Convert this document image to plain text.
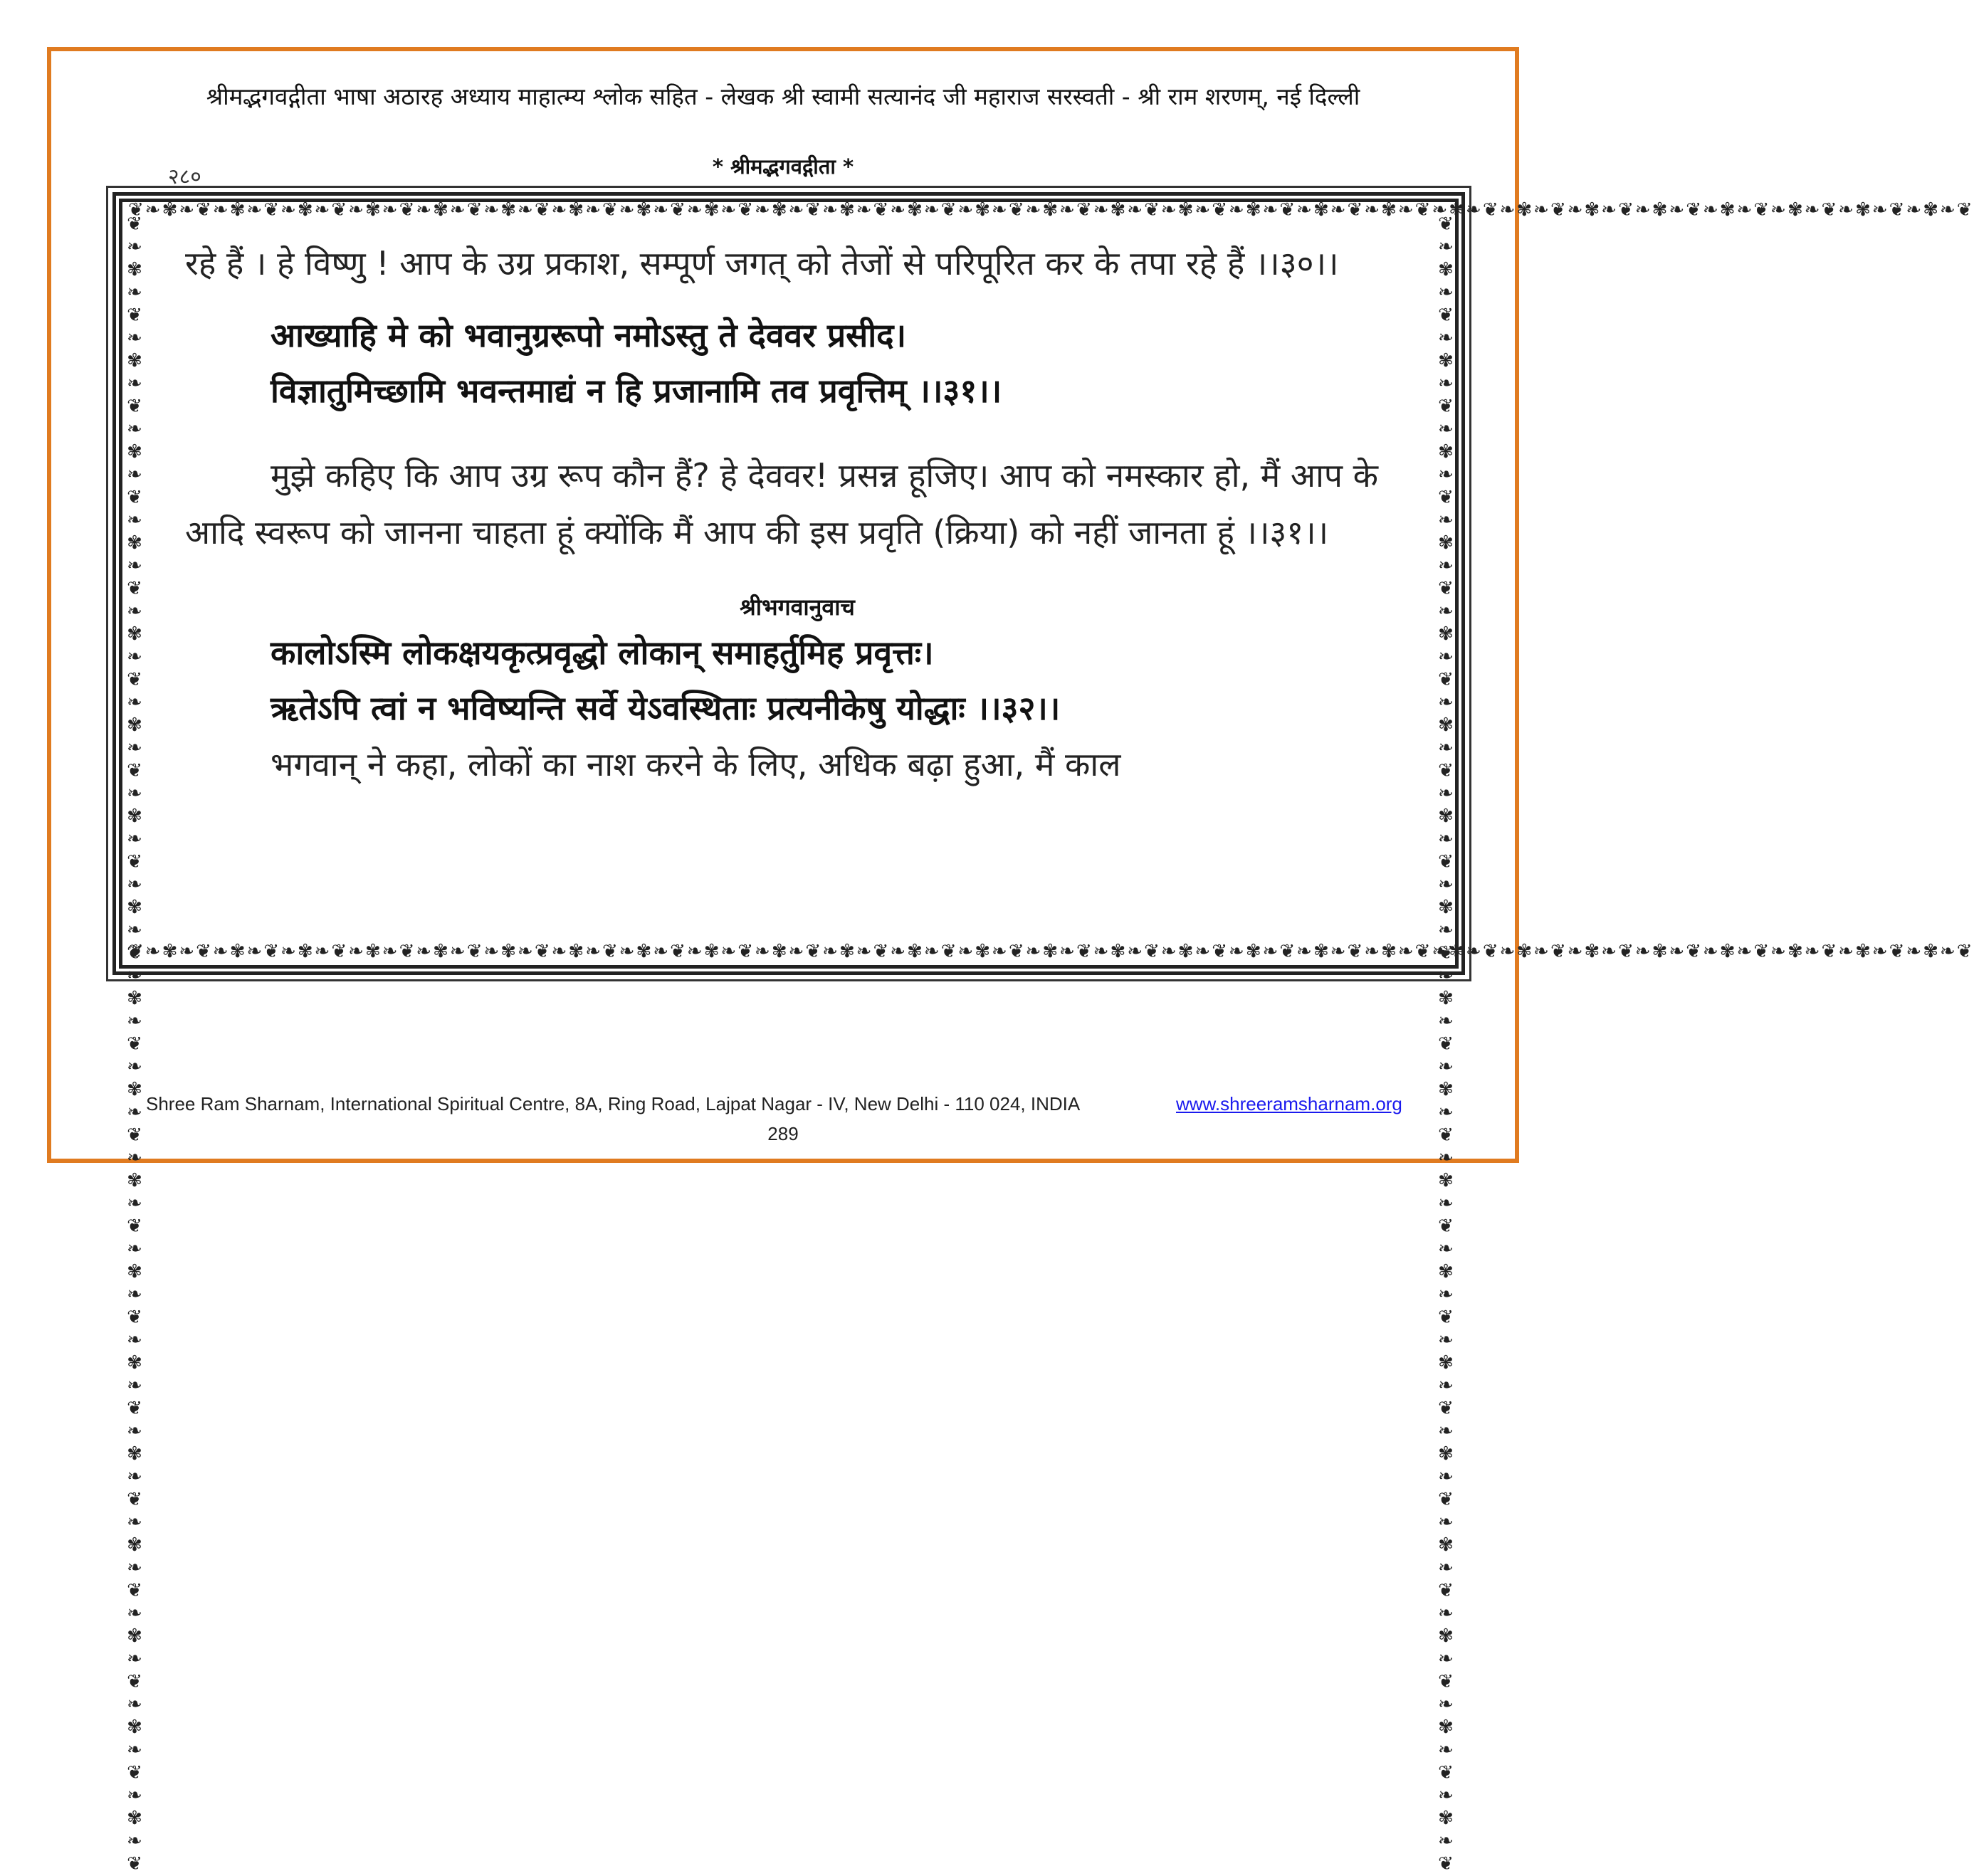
श्रीमद्भगवद्गीता भाषा अठारह अध्याय माहात्म्य श्लोक सहित - लेखक श्री स्वामी सत्यानंद जी महाराज सरस्वती - श्री राम शरणम्, नई दिल्ली
२८०	* श्रीमद्भगवद्गीता *
❦❧✾❧❦❧✾❧❦❧✾❧❦❧✾❧❦❧✾❧❦❧✾❧❦❧✾❧❦❧✾❧❦❧✾❧❦❧✾❧❦❧✾❧❦❧✾❧❦❧✾❧❦❧✾❧❦❧✾❧❦❧✾❧❦❧✾❧❦❧✾❧❦❧✾❧❦❧✾❧❦❧✾❧❦❧✾❧❦❧✾❧❦❧✾❧❦❧✾❧❦❧✾❧❦❧✾❧❦
❦❧✾❧❦❧✾❧❦❧✾❧❦❧✾❧❦❧✾❧❦❧✾❧❦❧✾❧❦❧✾❧❦❧✾❧❦❧✾❧❦❧✾❧❦❧✾❧❦❧✾❧❦❧✾❧❦❧✾❧❦❧✾❧❦❧✾❧❦❧✾❧❦❧✾❧❦❧✾❧❦❧✾❧❦❧✾❧❦❧✾❧❦❧✾❧❦❧✾❧❦❧✾❧❦❧✾❧❦
❦❧✾❧❦❧✾❧❦❧✾❧❦❧✾❧❦❧✾❧❦❧✾❧❦❧✾❧❦❧✾❧❦❧✾❧❦❧✾❧❦❧✾❧❦❧✾❧❦❧✾❧❦❧✾❧❦❧✾❧❦❧✾❧❦❧✾❧❦❧✾❧❦	❦❧✾❧❦❧✾❧❦❧✾❧❦❧✾❧❦❧✾❧❦❧✾❧❦❧✾❧❦❧✾❧❦❧✾❧❦❧✾❧❦❧✾❧❦❧✾❧❦❧✾❧❦❧✾❧❦❧✾❧❦❧✾❧❦❧✾❧❦❧✾❧❦

रहे हैं । हे विष्णु ! आप के उग्र प्रकाश, सम्पूर्ण जगत् को तेजों से परिपूरित कर के तपा रहे हैं ।।३०।।

आख्याहि मे को भवानुग्ररूपो नमोऽस्तु ते देववर प्रसीद।

विज्ञातुमिच्छामि भवन्तमाद्यं न हि प्रजानामि तव प्रवृत्तिम् ।।३१।।

मुझे कहिए कि आप उग्र रूप कौन हैं? हे देववर! प्रसन्न हूजिए। आप को नमस्कार हो, मैं आप के आदि स्वरूप को जानना चाहता हूं क्योंकि मैं आप की इस प्रवृति (क्रिया) को नहीं जानता हूं ।।३१।।

श्रीभगवानुवाच

कालोऽस्मि लोकक्षयकृत्प्रवृद्धो लोकान् समाहर्तुमिह प्रवृत्तः।

ऋतेऽपि त्वां न भविष्यन्ति सर्वे येऽवस्थिताः प्रत्यनीकेषु योद्धाः ।।३२।।

भगवान् ने कहा, लोकों का नाश करने के लिए, अधिक बढ़ा हुआ, मैं काल

Shree Ram Sharnam, International Spiritual Centre, 8A, Ring Road, Lajpat Nagar - IV, New Delhi - 110 024, INDIA	www.shreeramsharnam.org
289
